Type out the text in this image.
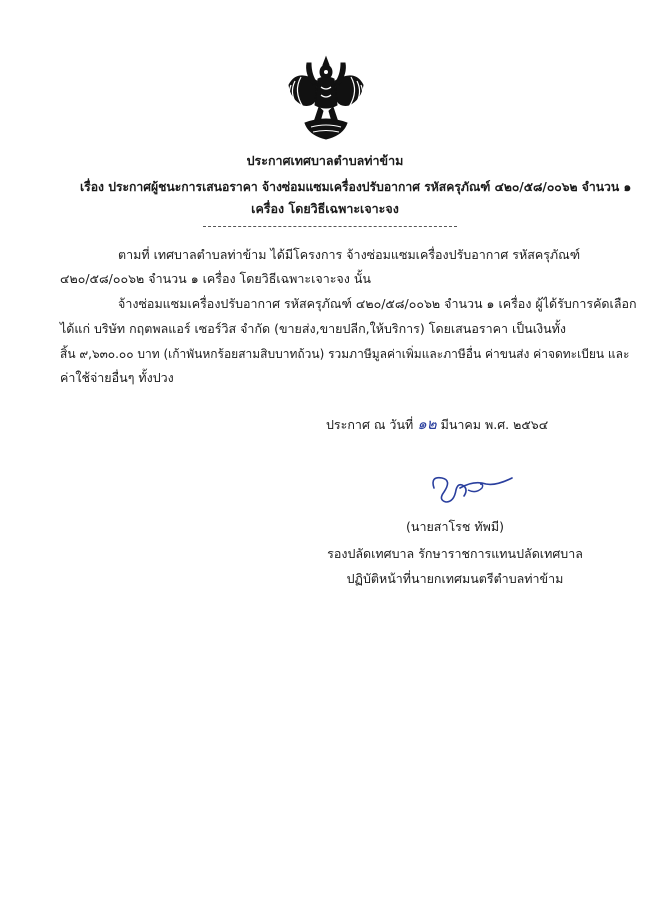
ประกาศเทศบาลตำบลท่าข้าม
เรื่อง ประกาศผู้ชนะการเสนอราคา จ้างซ่อมแซมเครื่องปรับอากาศ รหัสครุภัณฑ์ ๔๒๐/๕๘/๐๐๖๒ จำนวน ๑
เครื่อง โดยวิธีเฉพาะเจาะจง
ตามที่ เทศบาลตำบลท่าข้าม ได้มีโครงการ จ้างซ่อมแซมเครื่องปรับอากาศ รหัสครุภัณฑ์
๔๒๐/๕๘/๐๐๖๒ จำนวน ๑ เครื่อง โดยวิธีเฉพาะเจาะจง นั้น
จ้างซ่อมแซมเครื่องปรับอากาศ รหัสครุภัณฑ์ ๔๒๐/๕๘/๐๐๖๒ จำนวน ๑ เครื่อง ผู้ได้รับการคัดเลือก
ได้แก่ บริษัท กฤตพลแอร์ เซอร์วิส จำกัด (ขายส่ง,ขายปลีก,ให้บริการ) โดยเสนอราคา เป็นเงินทั้ง
สิ้น ๙,๖๓๐.๐๐ บาท (เก้าพันหกร้อยสามสิบบาทถ้วน) รวมภาษีมูลค่าเพิ่มและภาษีอื่น ค่าขนส่ง ค่าจดทะเบียน และ
ค่าใช้จ่ายอื่นๆ ทั้งปวง
ประกาศ ณ วันที่ ๑๒ มีนาคม พ.ศ. ๒๕๖๔
(นายสาโรช ทัพมี)
รองปลัดเทศบาล รักษาราชการแทนปลัดเทศบาล
ปฏิบัติหน้าที่นายกเทศมนตรีตำบลท่าข้าม
